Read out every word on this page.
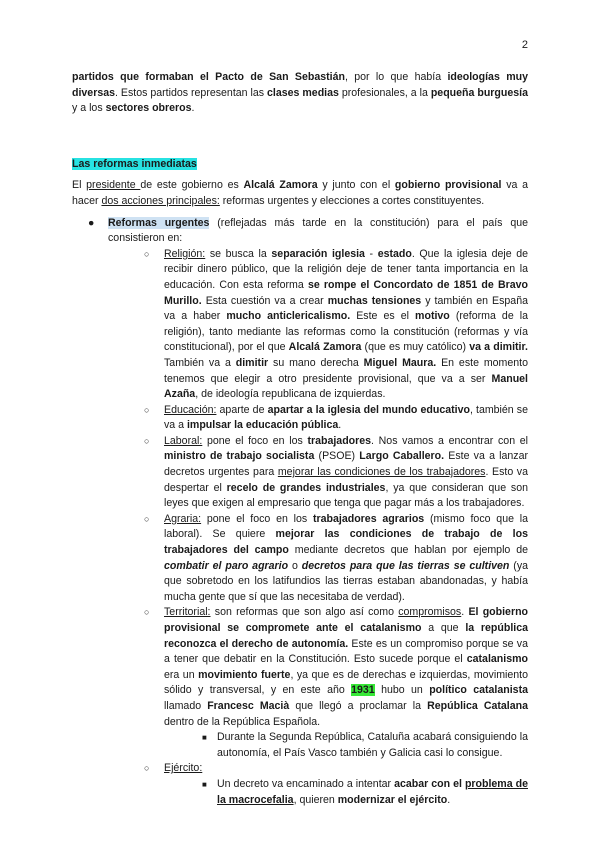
2

partidos que formaban el Pacto de San Sebastián, por lo que había ideologías muy diversas. Estos partidos representan las clases medias profesionales, a la pequeña burguesía y a los sectores obreros.

Las reformas inmediatas

El presidente de este gobierno es Alcalá Zamora y junto con el gobierno provisional va a hacer dos acciones principales: reformas urgentes y elecciones a cortes constituyentes.

● Reformas urgentes (reflejadas más tarde en la constitución) para el país que consistieron en:

○ Religión: se busca la separación iglesia - estado. Que la iglesia deje de recibir dinero público, que la religión deje de tener tanta importancia en la educación. Con esta reforma se rompe el Concordato de 1851 de Bravo Murillo. Esta cuestión va a crear muchas tensiones y también en España va a haber mucho anticlericalismo. Este es el motivo (reforma de la religión), tanto mediante las reformas como la constitución (reformas y vía constitucional), por el que Alcalá Zamora (que es muy católico) va a dimitir. También va a dimitir su mano derecha Miguel Maura. En este momento tenemos que elegir a otro presidente provisional, que va a ser Manuel Azaña, de ideología republicana de izquierdas.

○ Educación: aparte de apartar a la iglesia del mundo educativo, también se va a impulsar la educación pública.

○ Laboral: pone el foco en los trabajadores. Nos vamos a encontrar con el ministro de trabajo socialista (PSOE) Largo Caballero. Este va a lanzar decretos urgentes para mejorar las condiciones de los trabajadores. Esto va despertar el recelo de grandes industriales, ya que consideran que son leyes que exigen al empresario que tenga que pagar más a los trabajadores.

○ Agraria: pone el foco en los trabajadores agrarios (mismo foco que la laboral). Se quiere mejorar las condiciones de trabajo de los trabajadores del campo mediante decretos que hablan por ejemplo de combatir el paro agrario o decretos para que las tierras se cultiven (ya que sobretodo en los latifundios las tierras estaban abandonadas, y había mucha gente que sí que las necesitaba de verdad).

○ Territorial: son reformas que son algo así como compromisos. El gobierno provisional se compromete ante el catalanismo a que la república reconozca el derecho de autonomía. Este es un compromiso porque se va a tener que debatir en la Constitución. Esto sucede porque el catalanismo era un movimiento fuerte, ya que es de derechas e izquierdas, movimiento sólido y transversal, y en este año 1931 hubo un político catalanista llamado Francesc Macià que llegó a proclamar la República Catalana dentro de la República Española.

■ Durante la Segunda República, Cataluña acabará consiguiendo la autonomía, el País Vasco también y Galicia casi lo consigue.

○ Ejército:

■ Un decreto va encaminado a intentar acabar con el problema de la macrocefalia, quieren modernizar el ejército.
